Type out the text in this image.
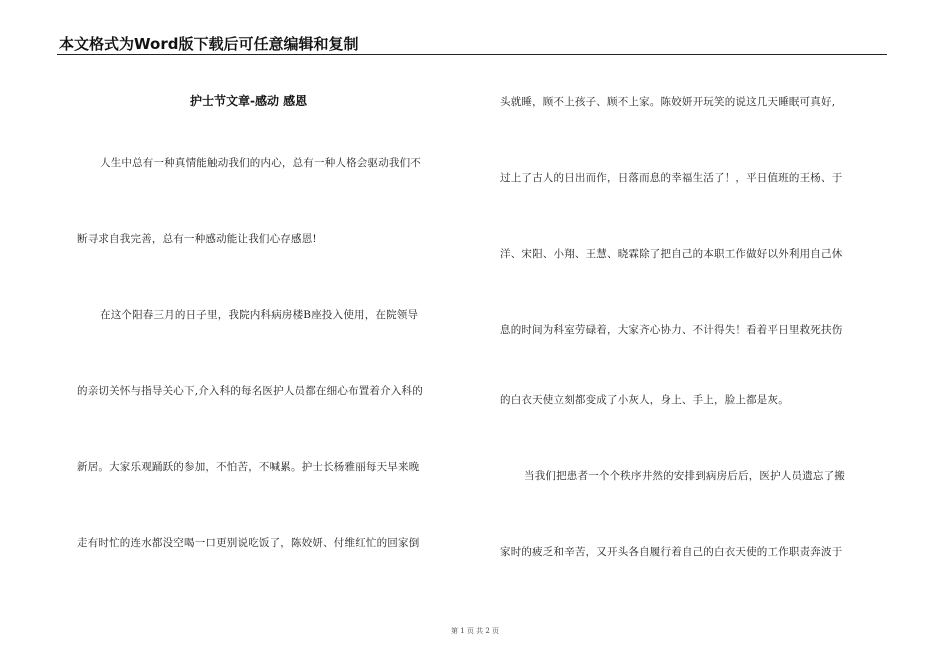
本文格式为Word版下载后可任意编辑和复制
护士节文章-感动 感恩
人生中总有一种真情能触动我们的内心，总有一种人格会驱动我们不
断寻求自我完善，总有一种感动能让我们心存感恩!
在这个阳春三月的日子里，我院内科病房楼B座投入使用，在院领导
的亲切关怀与指导关心下,介入科的每名医护人员都在细心布置着介入科的
新居。大家乐观踊跃的参加，不怕苦，不喊累。护士长杨雅丽每天早来晚
走有时忙的连水都没空喝一口更别说吃饭了，陈姣妍、付维红忙的回家倒
头就睡，顾不上孩子、顾不上家。陈姣妍开玩笑的说这几天睡眠可真好,
过上了古人的日出而作，日落而息的幸福生活了！，平日值班的王杨、于
洋、宋阳、小翔、王慧、晓霖除了把自己的本职工作做好以外利用自己休
息的时间为科室劳碌着，大家齐心协力、不计得失！看着平日里救死扶伤
的白衣天使立刻都变成了小灰人，身上、手上，脸上都是灰。
当我们把患者一个个秩序井然的安排到病房后后，医护人员遗忘了搬
家时的疲乏和辛苦，又开头各自履行着自己的白衣天使的工作职责奔波于
第 1 页 共 2 页
